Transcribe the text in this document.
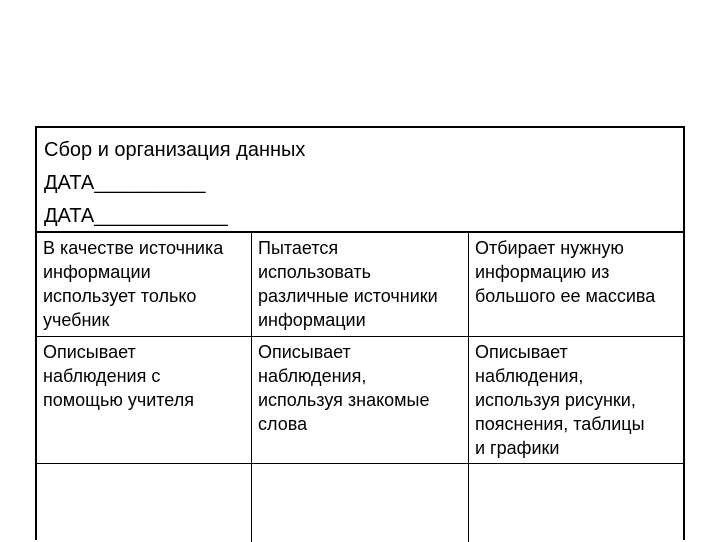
Сбор и организация данных
ДАТА__________
ДАТА____________
В качестве источника
информации
использует только
учебник
Пытается
использовать
различные источники
информации
Отбирает нужную
информацию из
большого ее массива
Описывает
наблюдения с
помощью учителя
Описывает
наблюдения,
используя знакомые
слова
Описывает
наблюдения,
используя рисунки,
пояснения, таблицы
и графики
